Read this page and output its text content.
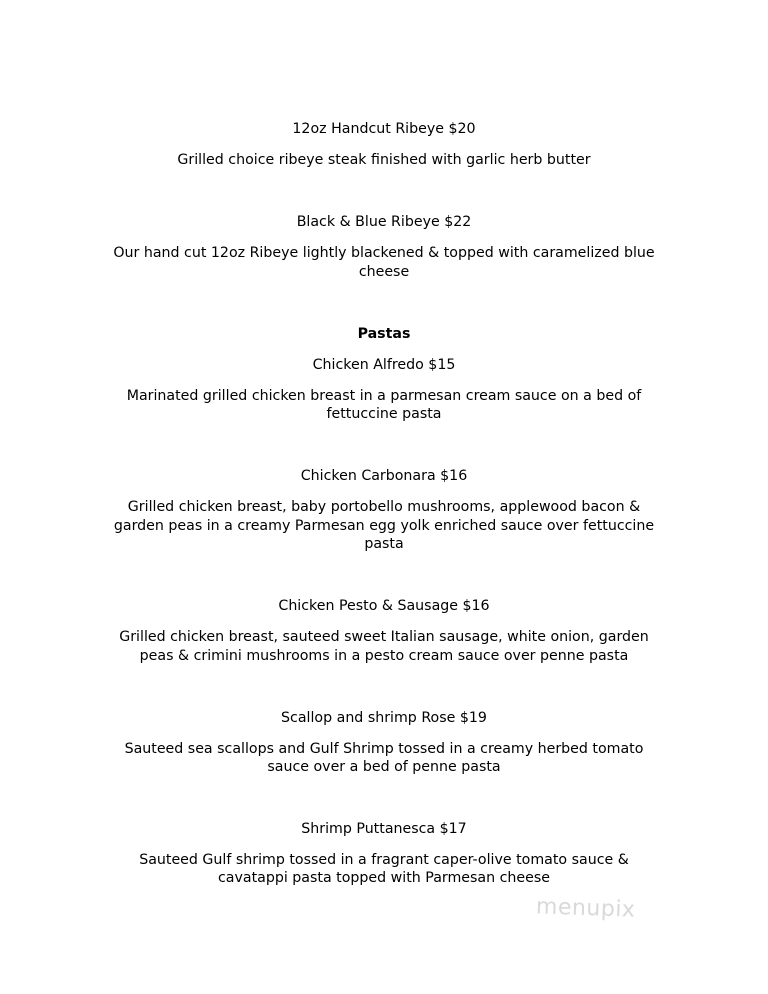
12oz Handcut Ribeye $20

Grilled choice ribeye steak finished with garlic herb butter

Black & Blue Ribeye $22

Our hand cut 12oz Ribeye lightly blackened & topped with caramelized blue

cheese

Pastas

Chicken Alfredo $15

Marinated grilled chicken breast in a parmesan cream sauce on a bed of

fettuccine pasta

Chicken Carbonara $16

Grilled chicken breast, baby portobello mushrooms, applewood bacon &

garden peas in a creamy Parmesan egg yolk enriched sauce over fettuccine

pasta

Chicken Pesto & Sausage $16

Grilled chicken breast, sauteed sweet Italian sausage, white onion, garden

peas & crimini mushrooms in a pesto cream sauce over penne pasta

Scallop and shrimp Rose $19

Sauteed sea scallops and Gulf Shrimp tossed in a creamy herbed tomato

sauce over a bed of penne pasta

Shrimp Puttanesca $17

Sauteed Gulf shrimp tossed in a fragrant caper-olive tomato sauce &

cavatappi pasta topped with Parmesan cheese

menupix
